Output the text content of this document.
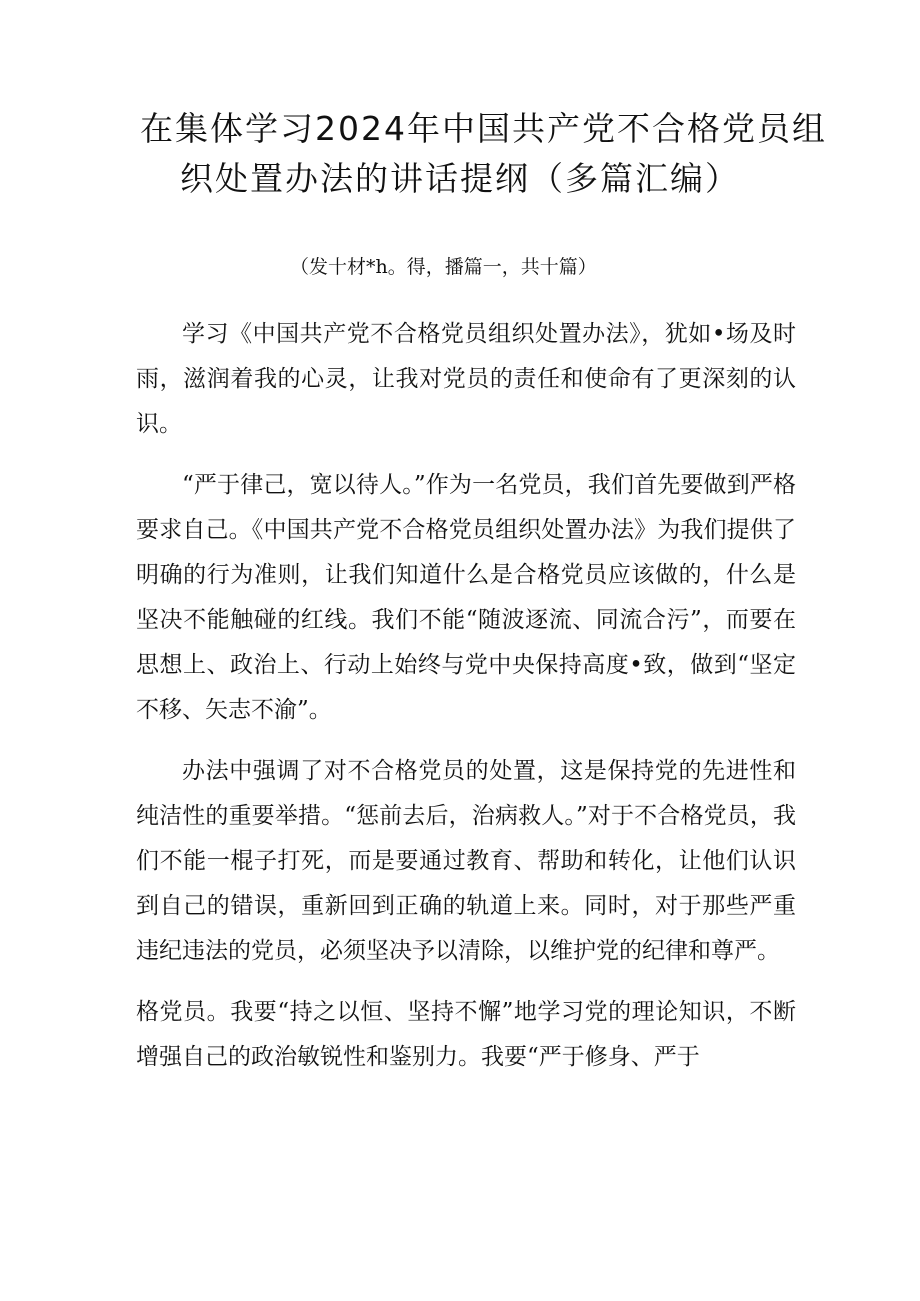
在集体学习2024年中国共产党不合格党员组
织处置办法的讲话提纲（多篇汇编）

（发十材*h。得，播篇一，共十篇）

学习《中国共产党不合格党员组织处置办法》，犹如•场及时雨，滋润着我的心灵，让我对党员的责任和使命有了更深刻的认识。

“严于律己，宽以待人。”作为一名党员，我们首先要做到严格要求自己。《中国共产党不合格党员组织处置办法》为我们提供了明确的行为准则，让我们知道什么是合格党员应该做的，什么是坚决不能触碰的红线。我们不能“随波逐流、同流合污”，而要在思想上、政治上、行动上始终与党中央保持高度•致，做到“坚定不移、矢志不渝”。

办法中强调了对不合格党员的处置，这是保持党的先进性和纯洁性的重要举措。“惩前去后，治病救人。”对于不合格党员，我们不能一棍子打死，而是要通过教育、帮助和转化，让他们认识到自己的错误，重新回到正确的轨道上来。同时，对于那些严重违纪违法的党员，必须坚决予以清除，以维护党的纪律和尊严。

格党员。我要“持之以恒、坚持不懈”地学习党的理论知识，不断增强自己的政治敏锐性和鉴别力。我要“严于修身、严于
